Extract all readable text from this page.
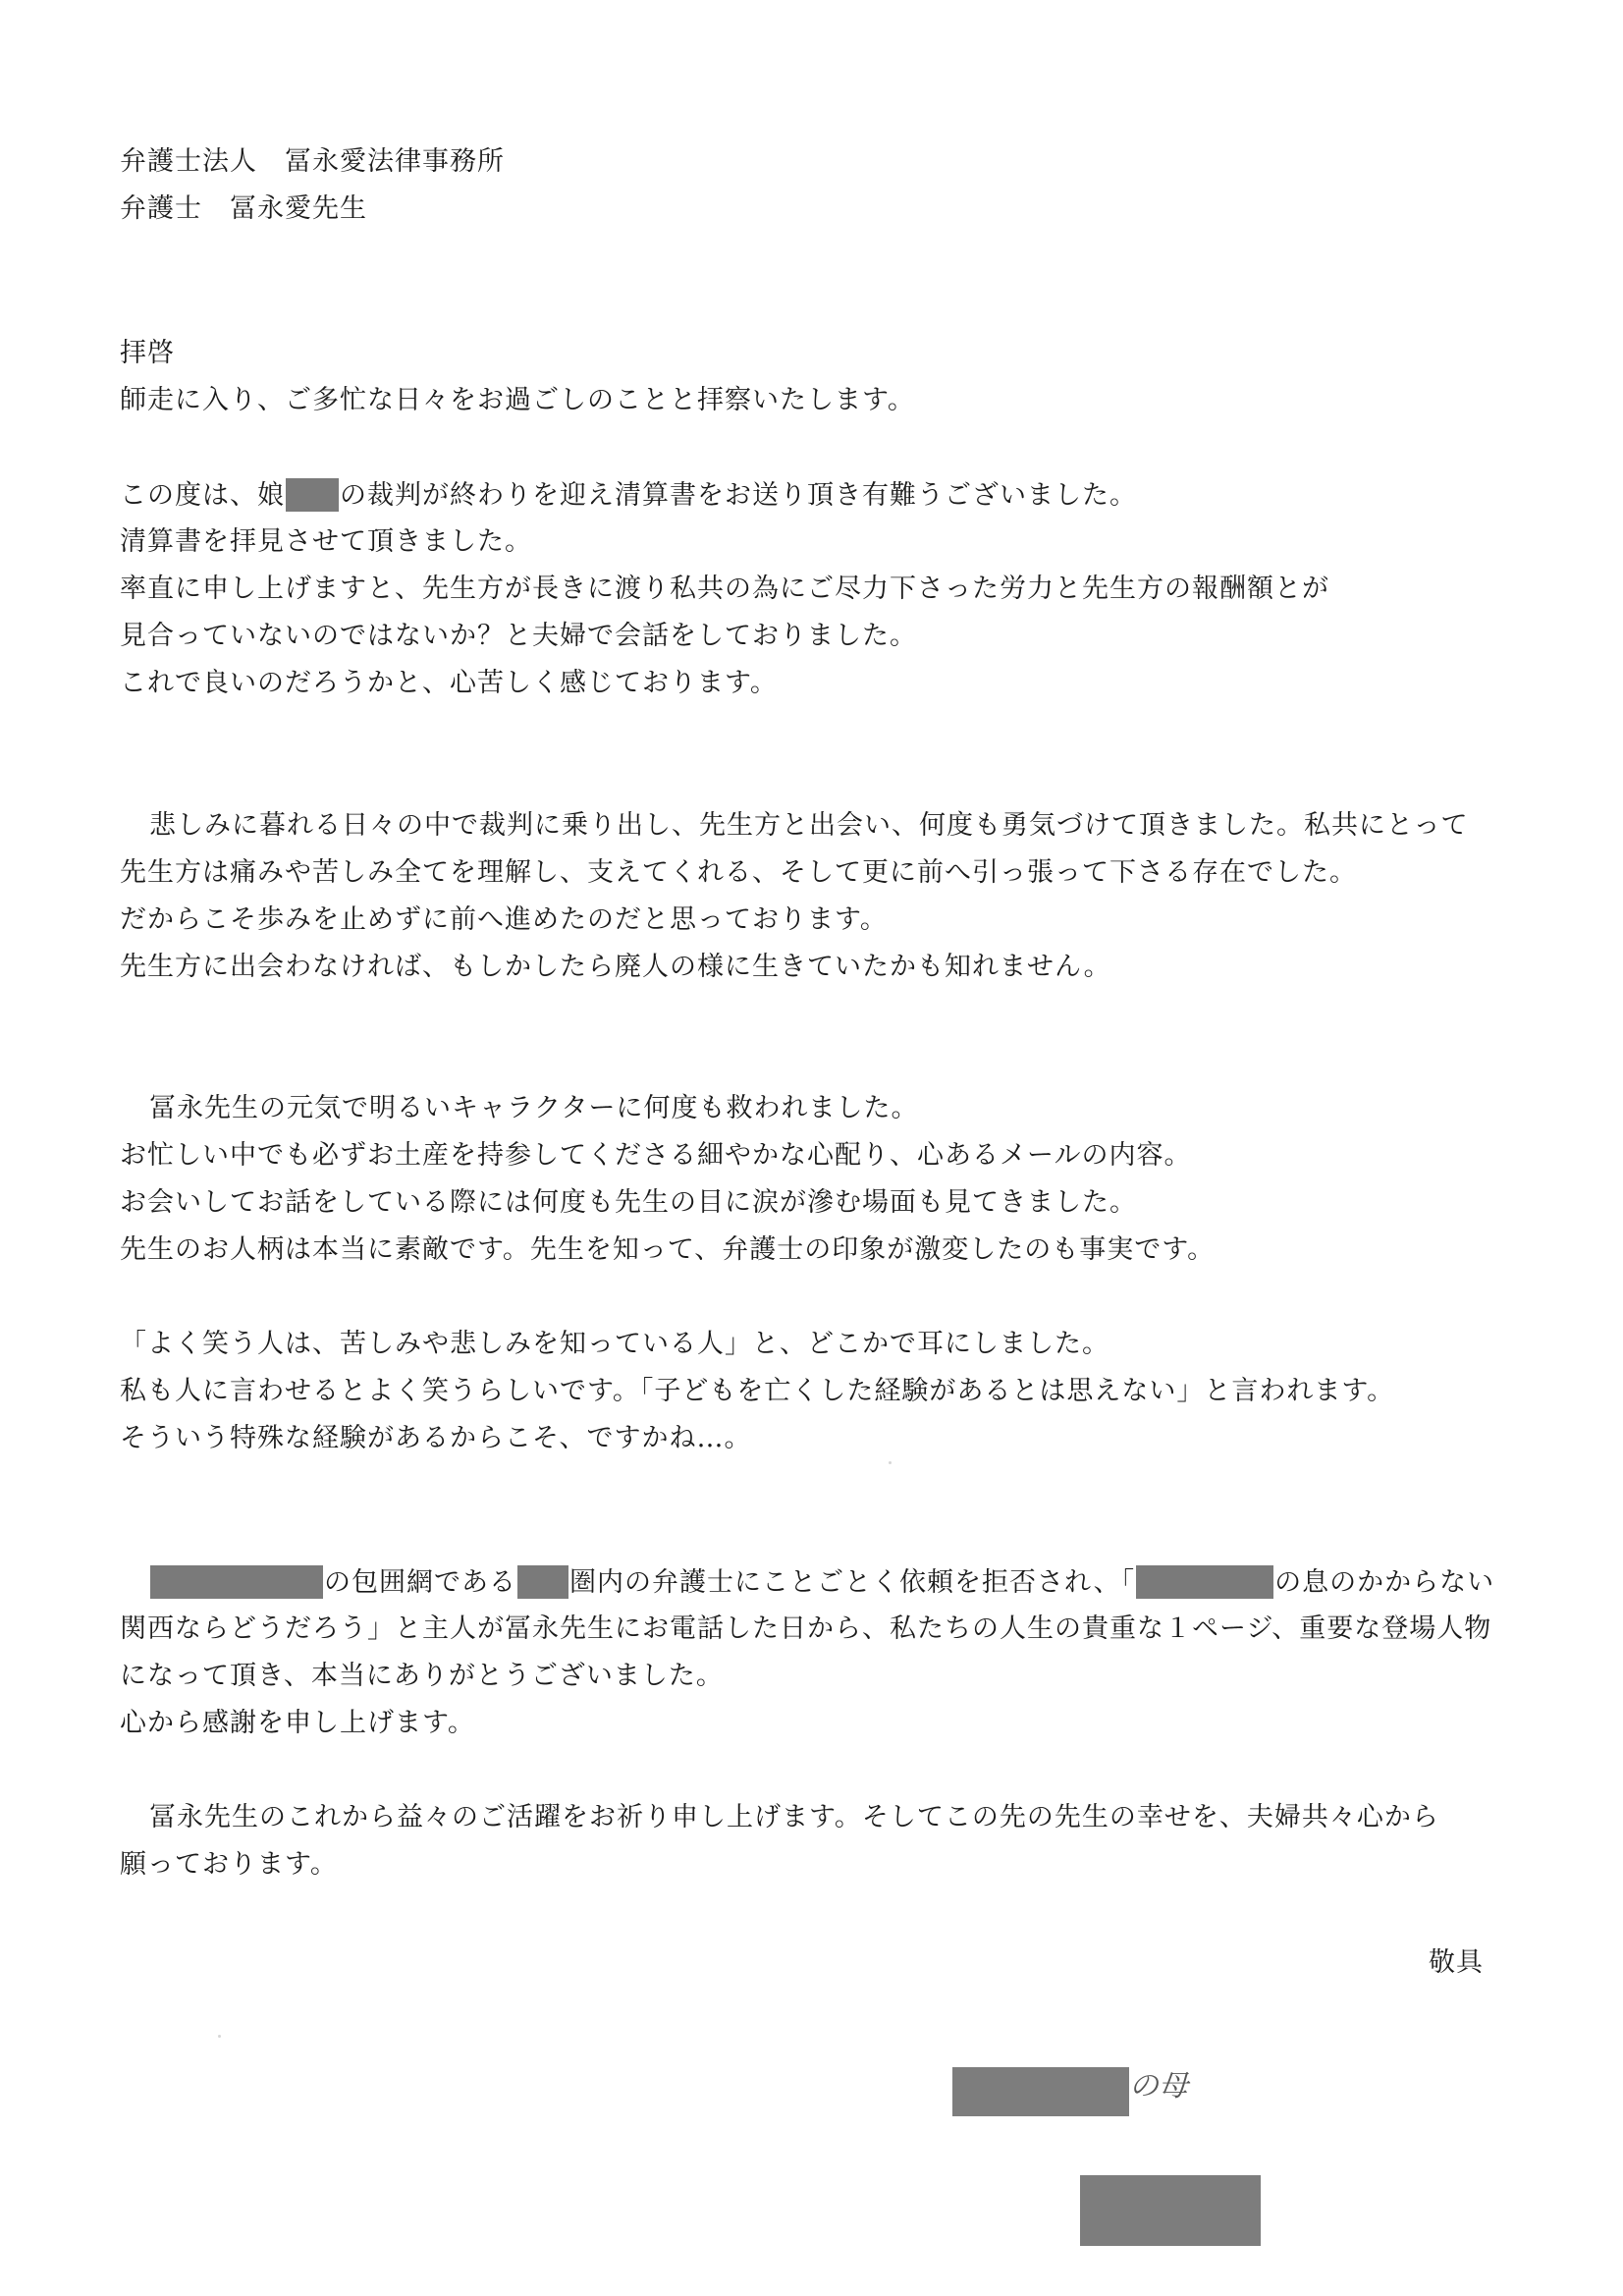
弁護士法人　冨永愛法律事務所
弁護士　冨永愛先生
拝啓
師走に入り、ご多忙な日々をお過ごしのことと拝察いたします。
この度は、娘 の裁判が終わりを迎え清算書をお送り頂き有難うございました。
清算書を拝見させて頂きました。
率直に申し上げますと、先生方が長きに渡り私共の為にご尽力下さった労力と先生方の報酬額とが
見合っていないのではないか？と夫婦で会話をしておりました。
これで良いのだろうかと、心苦しく感じております。
悲しみに暮れる日々の中で裁判に乗り出し、先生方と出会い、何度も勇気づけて頂きました。私共にとって
先生方は痛みや苦しみ全てを理解し、支えてくれる、そして更に前へ引っ張って下さる存在でした。
だからこそ歩みを止めずに前へ進めたのだと思っております。
先生方に出会わなければ、もしかしたら廃人の様に生きていたかも知れません。
冨永先生の元気で明るいキャラクターに何度も救われました。
お忙しい中でも必ずお土産を持参してくださる細やかな心配り、心あるメールの内容。
お会いしてお話をしている際には何度も先生の目に涙が滲む場面も見てきました。
先生のお人柄は本当に素敵です。先生を知って、弁護士の印象が激変したのも事実です。
「よく笑う人は、苦しみや悲しみを知っている人」と、どこかで耳にしました。
私も人に言わせるとよく笑うらしいです。「子どもを亡くした経験があるとは思えない」と言われます。
そういう特殊な経験があるからこそ、ですかね…。
の包囲網である 圏内の弁護士にことごとく依頼を拒否され、「	の息のかからない
関西ならどうだろう」と主人が冨永先生にお電話した日から、私たちの人生の貴重な１ページ、重要な登場人物
になって頂き、本当にありがとうございました。
心から感謝を申し上げます。
冨永先生のこれから益々のご活躍をお祈り申し上げます。そしてこの先の先生の幸せを、夫婦共々心から
願っております。
敬具
の母
